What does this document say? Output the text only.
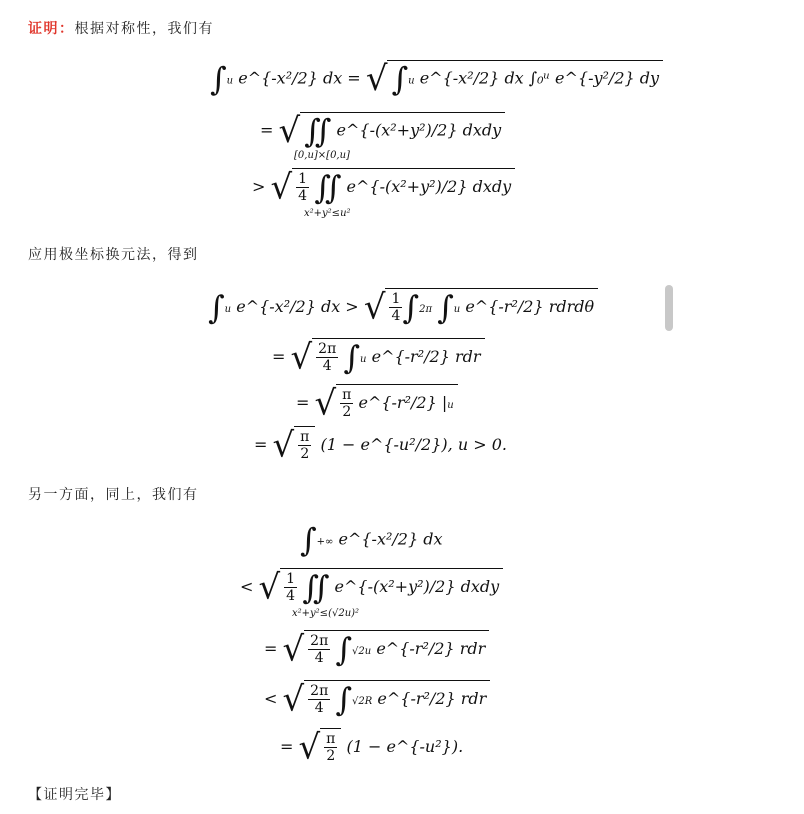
证明：根据对称性，我们有

∫u e^{-x²/2} dx = √ ∫u e^{-x²/2} dx ∫₀ᵘ e^{-y²/2} dy
= √ ∬ e^{-(x²+y²)/2} dxdy
[0,u]×[0,u]
> √ $\frac{1}{4}$ ∬ e^{-(x²+y²)/2} dxdy
x²+y²≤u²

应用极坐标换元法，得到

∫u e^{-x²/2} dx > √ $\frac{1}{4} \int 2\pi$ ∫u e^{-r²/2} rdrdθ
= √ $\frac{2\pi}{4} \int u$ e^{-r²/2} rdr
= √ $\frac{\pi}{2}$ e^{-r²/2} |u
= √ $\frac{\pi}{2} (1$ − e^{-u²/2}), u > 0.

另一方面，同上，我们有

∫+∞ e^{-x²/2} dx
< √ $\frac{1}{4}$ ∬ e^{-(x²+y²)/2} dxdy
x²+y²≤(√2u)²
= √ $\frac{2\pi}{4} \int√2u$ e^{-r²/2} rdr
< √ $\frac{2\pi}{4} \int√2R$ e^{-r²/2} rdr
= √ $\frac{\pi}{2} (1$ − e^{-u²}).

【证明完毕】
